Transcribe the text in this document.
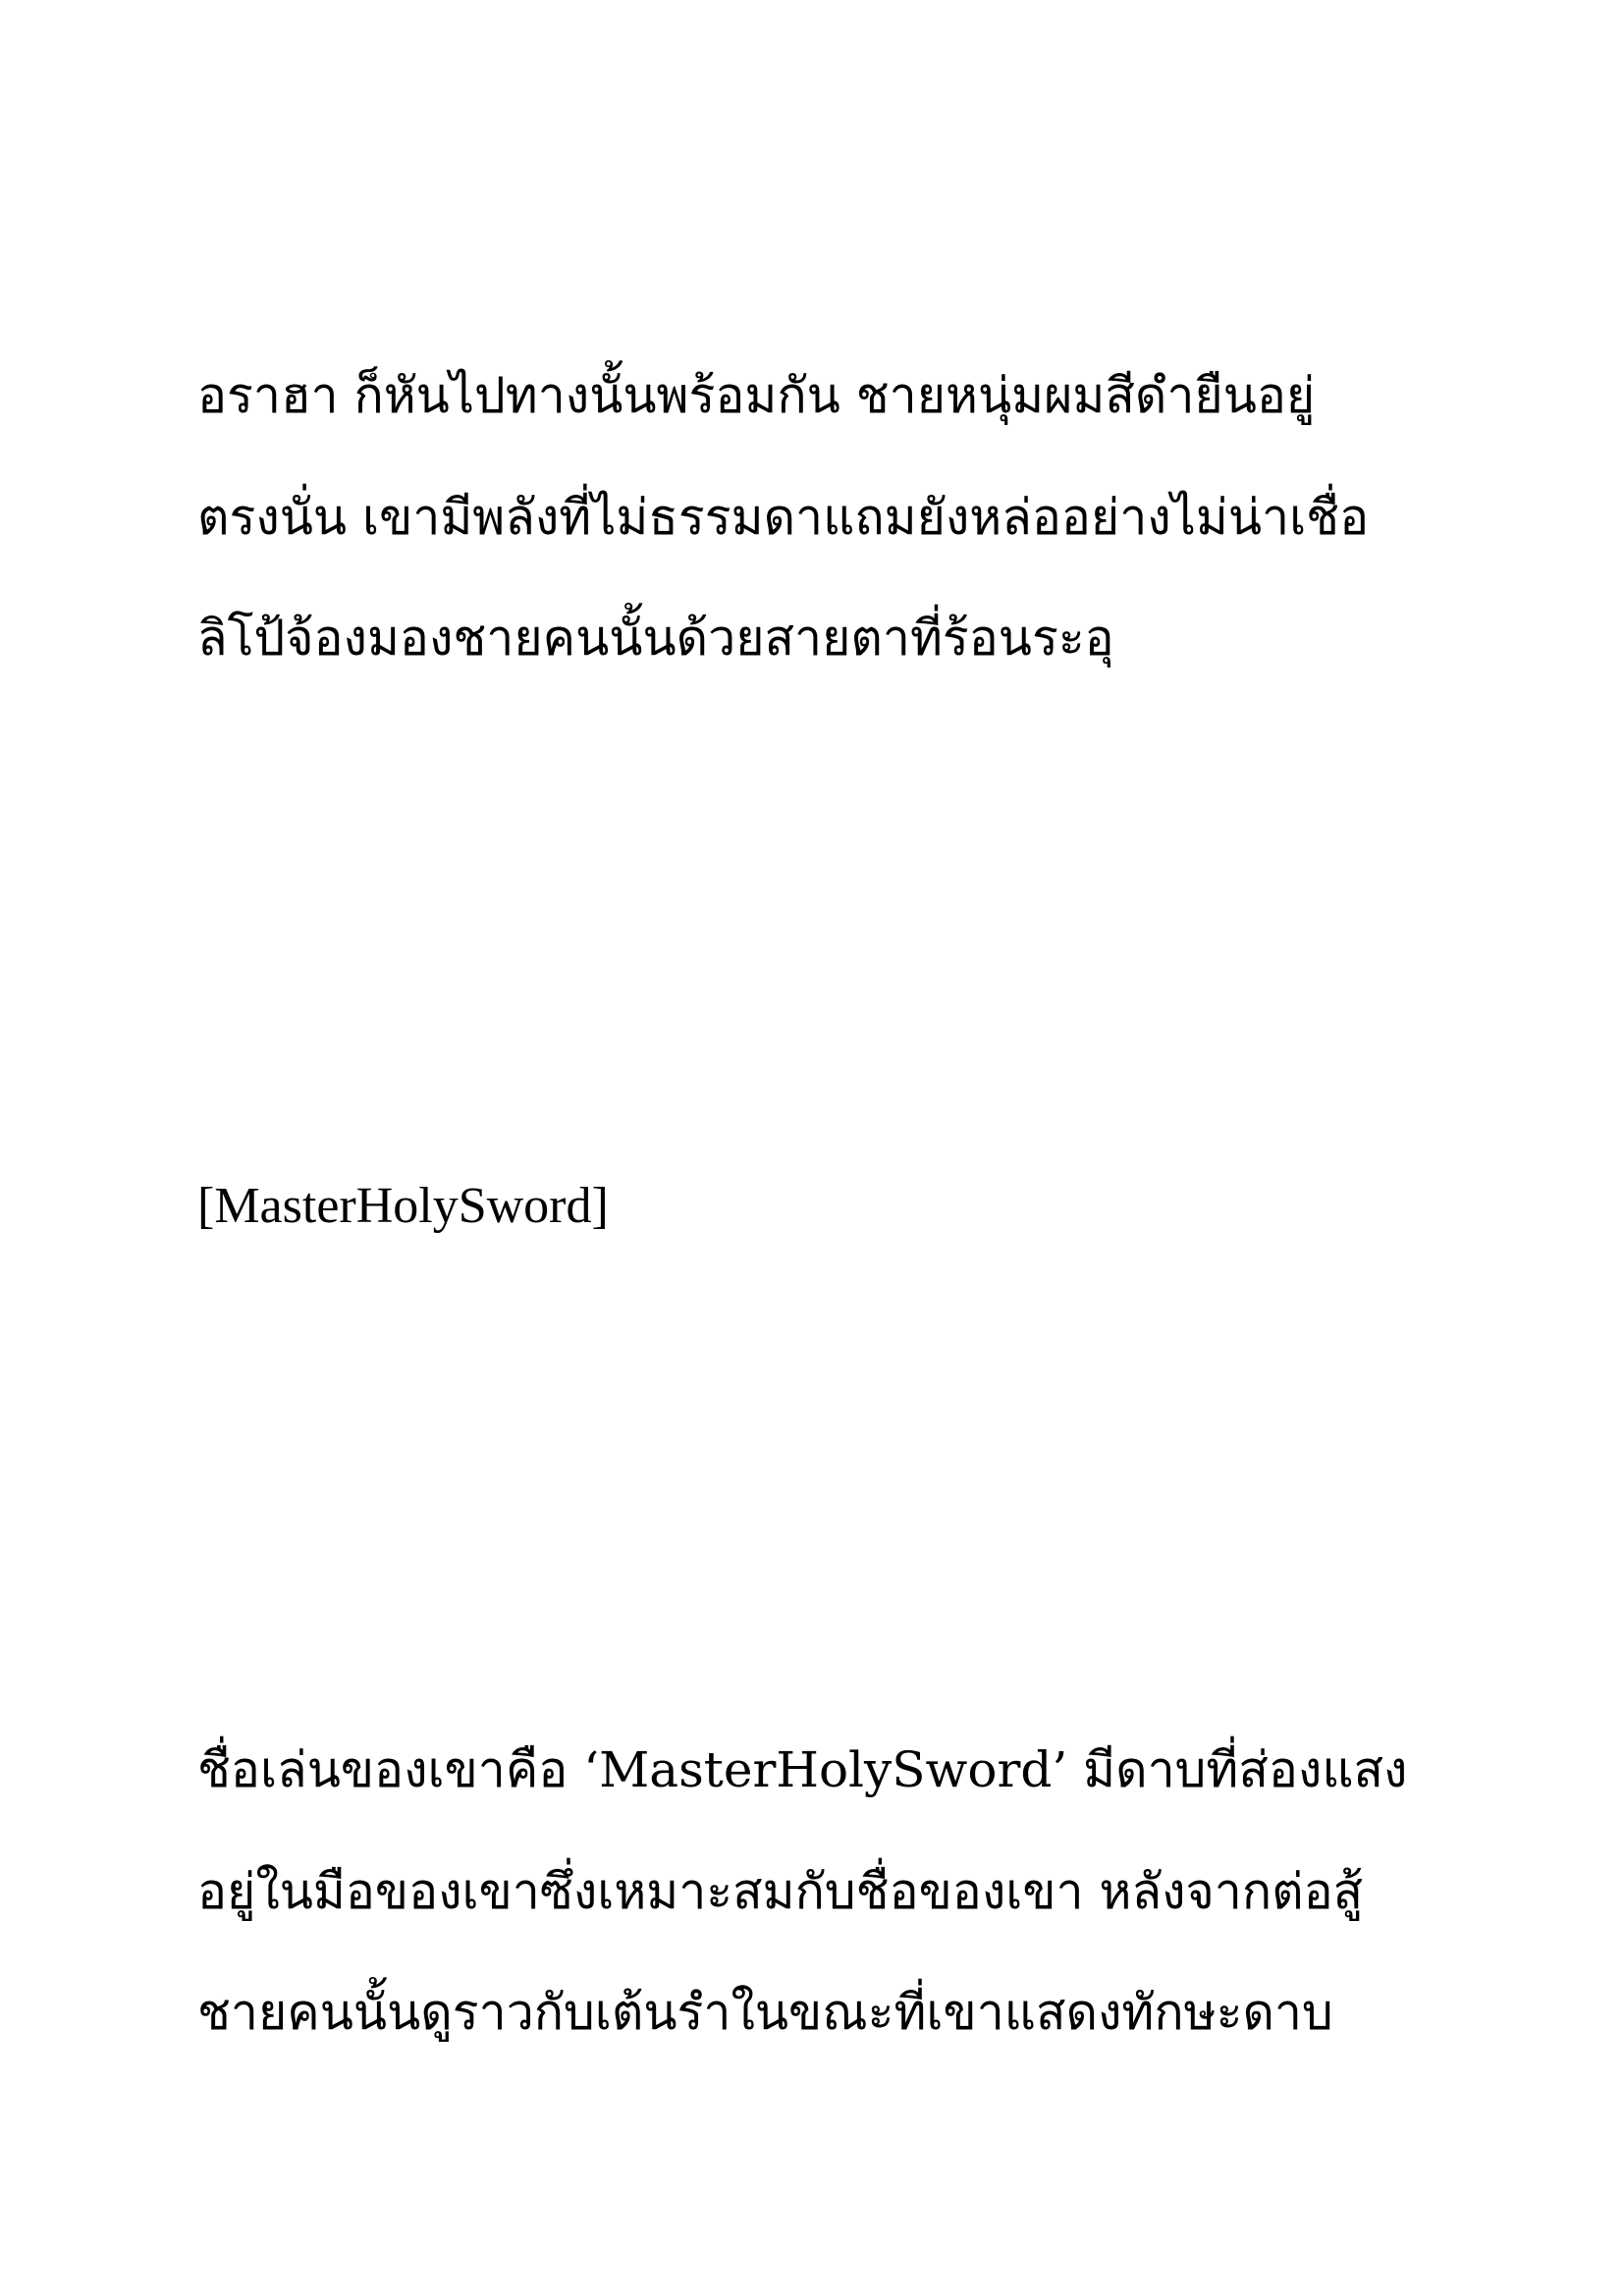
อราฮา ก็หันไปทางนั้นพร้อมกัน ชายหนุ่มผมสีดำยืนอยู่
ตรงนั่น เขามีพลังที่ไม่ธรรมดาแถมยังหล่ออย่างไม่น่าเชื่อ
ลิโป้จ้องมองชายคนนั้นด้วยสายตาที่ร้อนระอุ
[MasterHolySword]
ชื่อเล่นของเขาคือ ‘MasterHolySword’ มีดาบที่ส่องแสง
อยู่ในมือของเขาซึ่งเหมาะสมกับชื่อของเขา หลังจากต่อสู้
ชายคนนั้นดูราวกับเต้นรำในขณะที่เขาแสดงทักษะดาบ
